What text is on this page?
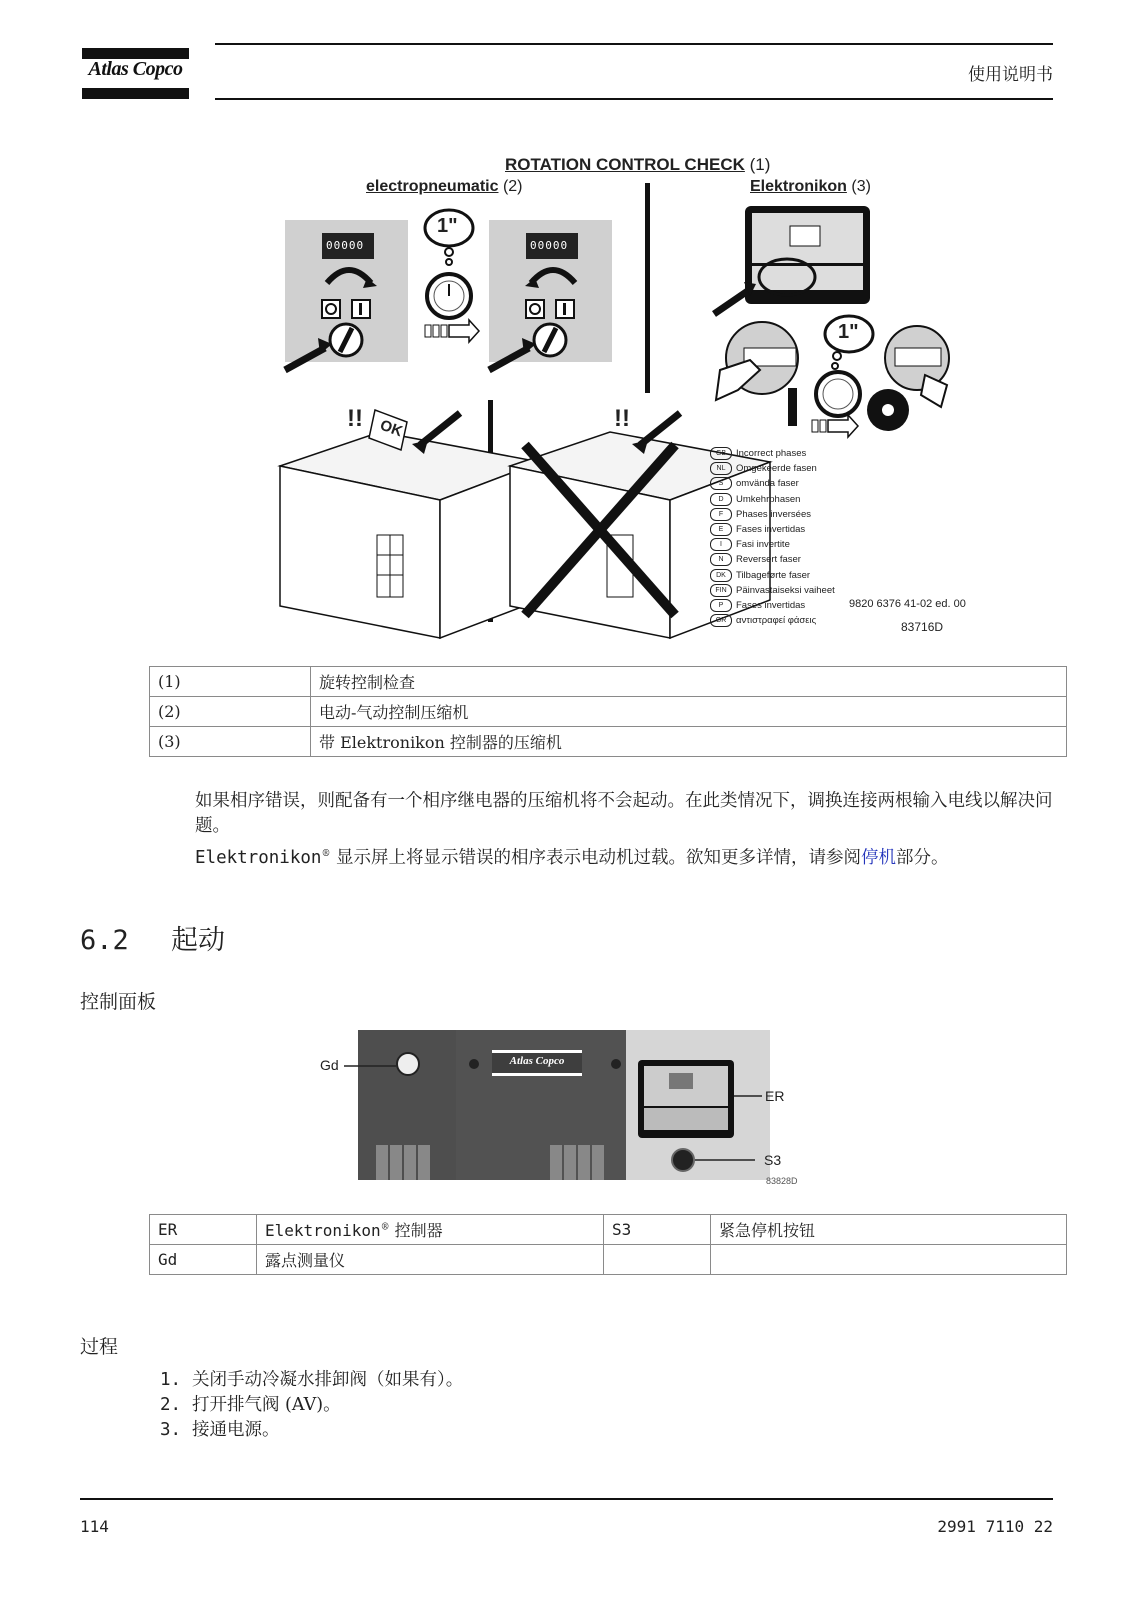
Atlas Copco	使用说明书
ROTATION CONTROL CHECK (1)
electropneumatic (2)	Elektronikon (3)
1"
1"
00000	00000
!! OK	!!
GB Incorrect phases
NL Omgekeerde fasen
S omvända faser
D Umkehrphasen
F Phases inversées
E Fases invertidas
I Fasi invertite
N Reversert faser
DK Tilbageførte faser
FIN Päinvastaiseksi vaiheet
P Fases invertidas
GR αντιστραφεί φάσεις
9820 6376 41-02 ed. 00
83716D
(1)	旋转控制检查
(2)	电动-气动控制压缩机
(3)	带 Elektronikon 控制器的压缩机
如果相序错误，则配备有一个相序继电器的压缩机将不会起动。在此类情况下，调换连接两根输入电线以解决问题。
Elektronikon® 显示屏上将显示错误的相序表示电动机过载。欲知更多详情，请参阅停机部分。
6.2 起动
控制面板
Atlas Copco
Gd
ER
S3
83828D
ER	Elektronikon® 控制器	S3	紧急停机按钮
Gd	露点测量仪		
过程
1. 关闭手动冷凝水排卸阀（如果有）。
2. 打开排气阀 (AV)。
3. 接通电源。
114	2991 7110 22
